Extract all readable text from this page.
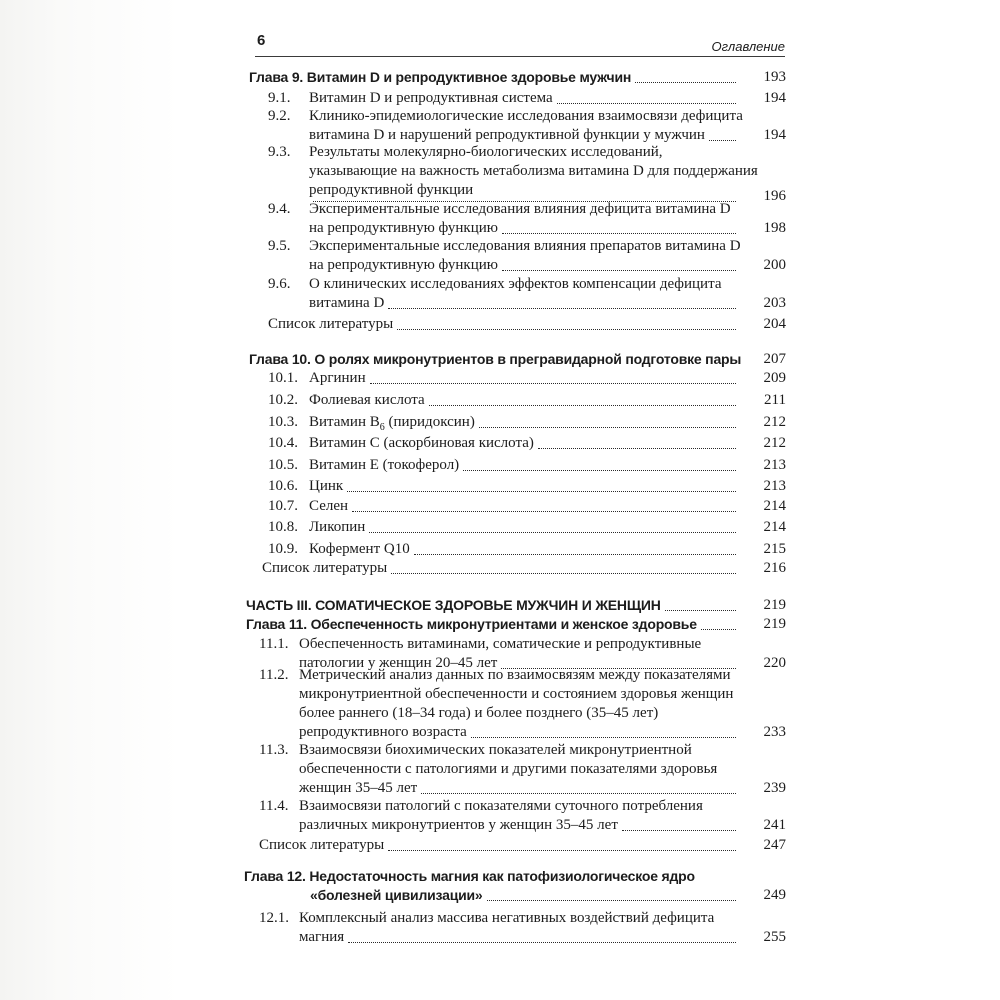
6	Оглавление
Глава 9. Витамин D и репродуктивное здоровье мужчин	193
9.1. Витамин D и репродуктивная система	194
9.2. Клинико-эпидемиологические исследования взаимосвязи дефицита
витамина D и нарушений репродуктивной функции у мужчин	194
9.3. Результаты молекулярно-биологических исследований,
указывающие на важность метаболизма витамина D для поддержания
репродуктивной функции	196
9.4. Экспериментальные исследования влияния дефицита витамина D
на репродуктивную функцию	198
9.5. Экспериментальные исследования влияния препаратов витамина D
на репродуктивную функцию	200
9.6. О клинических исследованиях эффектов компенсации дефицита
витамина D	203
Список литературы	204
Глава 10. О ролях микронутриентов в прегравидарной подготовке пары 207
10.1. Аргинин	209
10.2. Фолиевая кислота	211
10.3. Витамин $B_6$ (пиридоксин)	212
10.4. Витамин C (аскорбиновая кислота)	212
10.5. Витамин E (токоферол)	213
10.6. Цинк	213
10.7. Селен	214
10.8. Ликопин	214
10.9. Кофермент Q10	215
Список литературы	216
ЧАСТЬ III. СОМАТИЧЕСКОЕ ЗДОРОВЬЕ МУЖЧИН И ЖЕНЩИН	219
Глава 11. Обеспеченность микронутриентами и женское здоровье	219
11.1. Обеспеченность витаминами, соматические и репродуктивные
патологии у женщин 20–45 лет	220
11.2. Метрический анализ данных по взаимосвязям между показателями
микронутриентной обеспеченности и состоянием здоровья женщин
более раннего (18–34 года) и более позднего (35–45 лет)
репродуктивного возраста	233
11.3. Взаимосвязи биохимических показателей микронутриентной
обеспеченности с патологиями и другими показателями здоровья
женщин 35–45 лет	239
11.4. Взаимосвязи патологий с показателями суточного потребления
различных микронутриентов у женщин 35–45 лет	241
Список литературы	247
Глава 12. Недостаточность магния как патофизиологическое ядро
«болезней цивилизации»	249
12.1. Комплексный анализ массива негативных воздействий дефицита
магния	255
